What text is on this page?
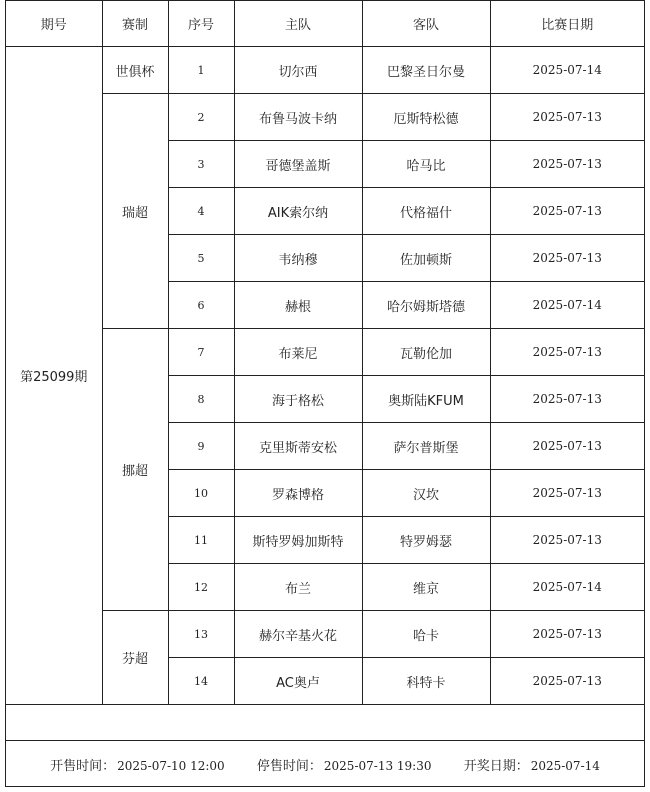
期号	赛制	序号	主队	客队	比赛日期
第25099期	世俱杯	1	切尔西	巴黎圣日尔曼	2025-07-14
	瑞超	2	布鲁马波卡纳	厄斯特松德	2025-07-13
		3	哥德堡盖斯	哈马比	2025-07-13
		4	AIK索尔纳	代格福什	2025-07-13
		5	韦纳穆	佐加顿斯	2025-07-13
		6	赫根	哈尔姆斯塔德	2025-07-14
	挪超	7	布莱尼	瓦勒伦加	2025-07-13
		8	海于格松	奥斯陆KFUM	2025-07-13
		9	克里斯蒂安松	萨尔普斯堡	2025-07-13
		10	罗森博格	汉坎	2025-07-13
		11	斯特罗姆加斯特	特罗姆瑟	2025-07-13
		12	布兰	维京	2025-07-14
	芬超	13	赫尔辛基火花	哈卡	2025-07-13
		14	AC奥卢	科特卡	2025-07-13
开售时间： 2025-07-10 12:00 停售时间： 2025-07-13 19:30 开奖日期： 2025-07-14
